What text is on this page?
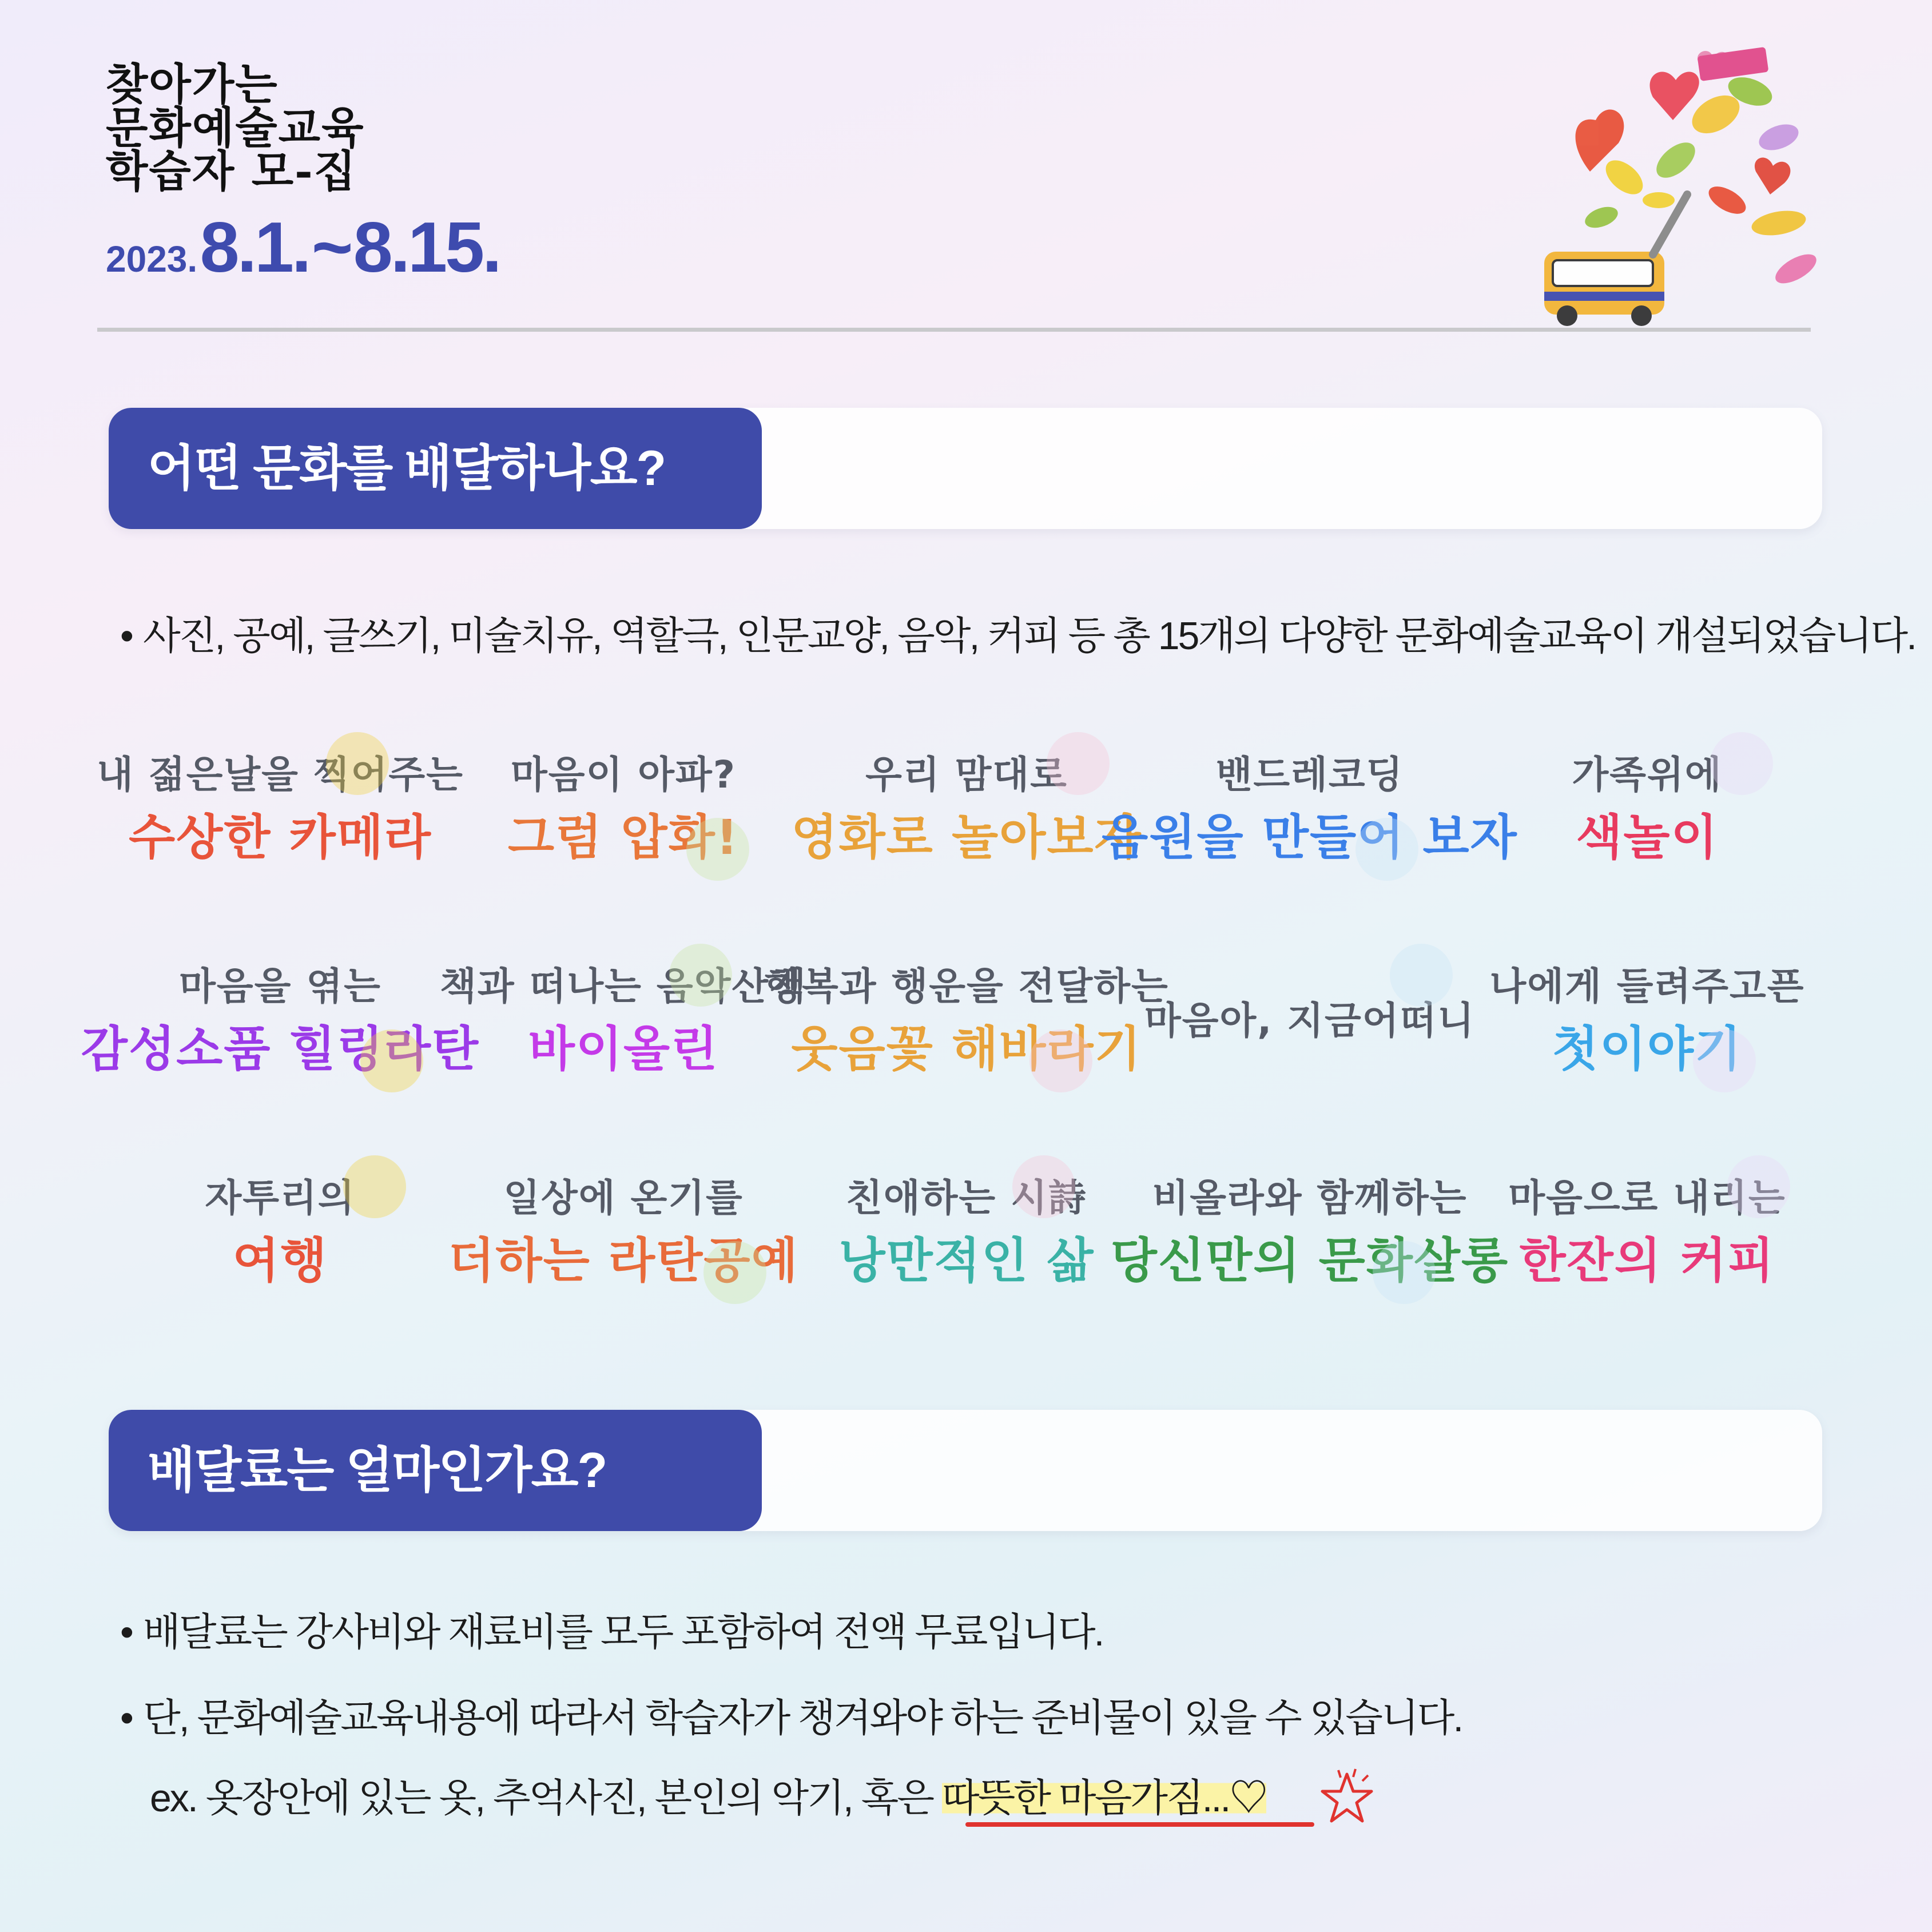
찾아가는
문화예술교육
학습자 모-집
2023. 8.1. ~ 8.15.
어떤 문화를 배달하나요?
• 사진, 공예, 글쓰기, 미술치유, 역할극, 인문교양, 음악, 커피 등 총 15개의 다양한 문화예술교육이 개설되었습니다.
내 젊은날을 찍어주는
수상한 카메라
마음이 아파?
그럼 압화!
우리 맘대로
영화로 놀아보자
밴드레코딩
음원을 만들어 보자
가족위에
색놀이
마음을 엮는
감성소품 힐링라탄
책과 떠나는 음악산책
바이올린
행복과 행운을 전달하는
웃음꽃 해바라기
마음아, 지금어떠니
나에게 들려주고픈
첫이야기
자투리의
여행
일상에 온기를
더하는 라탄공예
친애하는 시詩
낭만적인 삶
비올라와 함께하는
당신만의 문화살롱
마음으로 내리는
한잔의 커피
배달료는 얼마인가요?
• 배달료는 강사비와 재료비를 모두 포함하여 전액 무료입니다.
• 단, 문화예술교육내용에 따라서 학습자가 챙겨와야 하는 준비물이 있을 수 있습니다.
ex. 옷장안에 있는 옷, 추억사진, 본인의 악기, 혹은 따뜻한 마음가짐...♡
